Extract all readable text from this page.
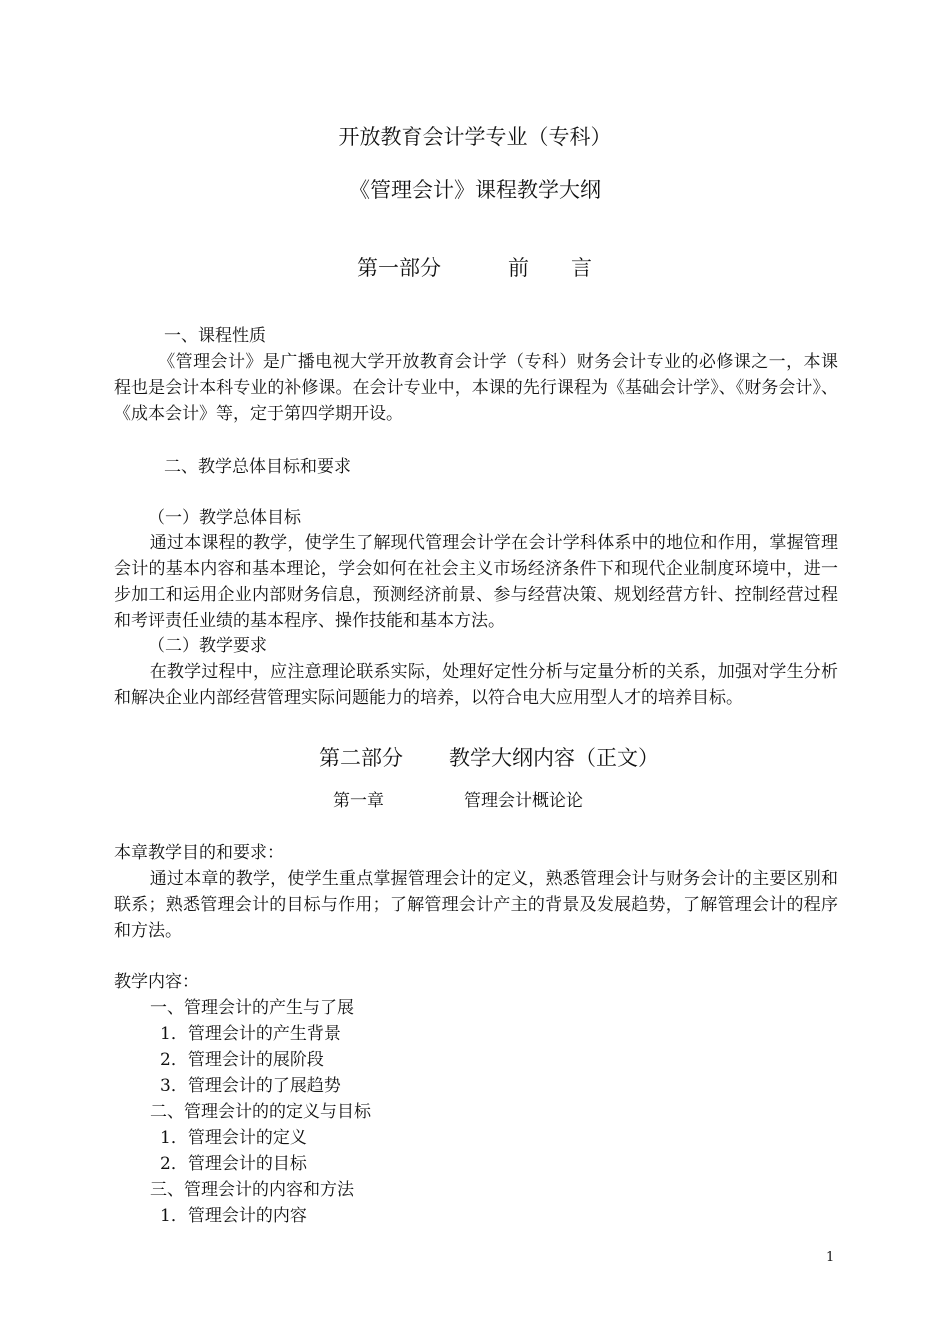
开放教育会计学专业（专科）
《管理会计》课程教学大纲
第一部分	前　　言
一、课程性质
《管理会计》是广播电视大学开放教育会计学（专科）财务会计专业的必修课之一，本课程也是会计本科专业的补修课。在会计专业中，本课的先行课程为《基础会计学》、《财务会计》、《成本会计》等，定于第四学期开设。
二、教学总体目标和要求
（一）教学总体目标
通过本课程的教学，使学生了解现代管理会计学在会计学科体系中的地位和作用，掌握管理会计的基本内容和基本理论，学会如何在社会主义市场经济条件下和现代企业制度环境中，进一步加工和运用企业内部财务信息，预测经济前景、参与经营决策、规划经营方针、控制经营过程和考评责任业绩的基本程序、操作技能和基本方法。
（二）教学要求
在教学过程中，应注意理论联系实际，处理好定性分析与定量分析的关系，加强对学生分析和解决企业内部经营管理实际问题能力的培养，以符合电大应用型人才的培养目标。
第二部分 教学大纲内容（正文）
第一章	管理会计概论论
本章教学目的和要求：
通过本章的教学，使学生重点掌握管理会计的定义，熟悉管理会计与财务会计的主要区别和联系；熟悉管理会计的目标与作用；了解管理会计产主的背景及发展趋势，了解管理会计的程序和方法。
教学内容：
一、管理会计的产生与了展
1．管理会计的产生背景
2．管理会计的展阶段
3．管理会计的了展趋势
二、管理会计的的定义与目标
1．管理会计的定义
2．管理会计的目标
三、管理会计的内容和方法
1．管理会计的内容
1
